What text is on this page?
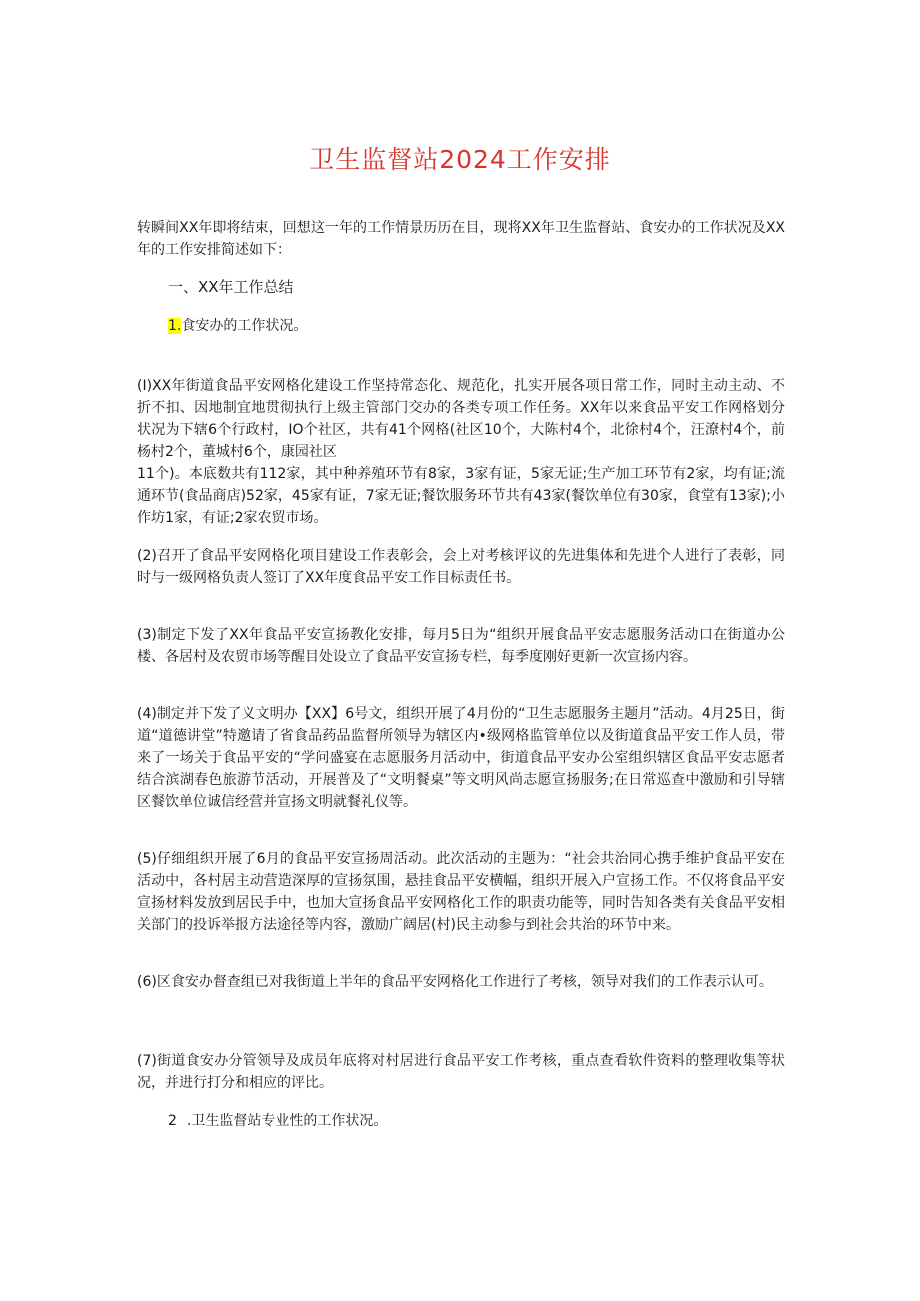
卫生监督站2024工作安排

转瞬间XX年即将结束，回想这一年的工作情景历历在目，现将XX年卫生监督站、食安办的工作状况及XX年的工作安排简述如下：

一、XX年工作总结

1.食安办的工作状况。

(I)XX年街道食品平安网格化建设工作坚持常态化、规范化，扎实开展各项日常工作，同时主动主动、不折不扣、因地制宜地贯彻执行上级主管部门交办的各类专项工作任务。XX年以来食品平安工作网格划分状况为下辖6个行政村，IO个社区，共有41个网格(社区10个，大陈村4个，北徐村4个，汪潦村4个，前杨村2个，董城村6个，康园社区
11个)。本底数共有112家，其中种养殖环节有8家，3家有证，5家无证;生产加工环节有2家，均有证;流通环节(食品商店)52家，45家有证，7家无证;餐饮服务环节共有43家(餐饮单位有30家，食堂有13家);小作坊1家，有证;2家农贸市场。

(2)召开了食品平安网格化项目建设工作表彰会，会上对考核评议的先进集体和先进个人进行了表彰，同时与一级网格负责人签订了XX年度食品平安工作目标责任书。

(3)制定下发了XX年食品平安宣扬教化安排，每月5日为“组织开展食品平安志愿服务活动口在街道办公楼、各居村及农贸市场等醒目处设立了食品平安宣扬专栏，每季度刚好更新一次宣扬内容。

(4)制定并下发了义文明办【XX】6号文，组织开展了4月份的“卫生志愿服务主题月”活动。4月25日，街道“道德讲堂”特邀请了省食品药品监督所领导为辖区内•级网格监管单位以及街道食品平安工作人员，带来了一场关于食品平安的“学问盛宴在志愿服务月活动中，街道食品平安办公室组织辖区食品平安志愿者结合滨湖春色旅游节活动，开展普及了“文明餐桌”等文明风尚志愿宣扬服务;在日常巡查中激励和引导辖区餐饮单位诚信经营并宣扬文明就餐礼仪等。

(5)仔细组织开展了6月的食品平安宣扬周活动。此次活动的主题为：“社会共治同心携手维护食品平安在活动中，各村居主动营造深厚的宣扬氛围，悬挂食品平安横幅，组织开展入户宣扬工作。不仅将食品平安宣扬材料发放到居民手中，也加大宣扬食品平安网格化工作的职责功能等，同时告知各类有关食品平安相关部门的投诉举报方法途径等内容，激励广阔居(村)民主动参与到社会共治的环节中来。

(6)区食安办督查组已对我街道上半年的食品平安网格化工作进行了考核，领导对我们的工作表示认可。

(7)街道食安办分管领导及成员年底将对村居进行食品平安工作考核，重点查看软件资料的整理收集等状况，并进行打分和相应的评比。

2 .卫生监督站专业性的工作状况。
